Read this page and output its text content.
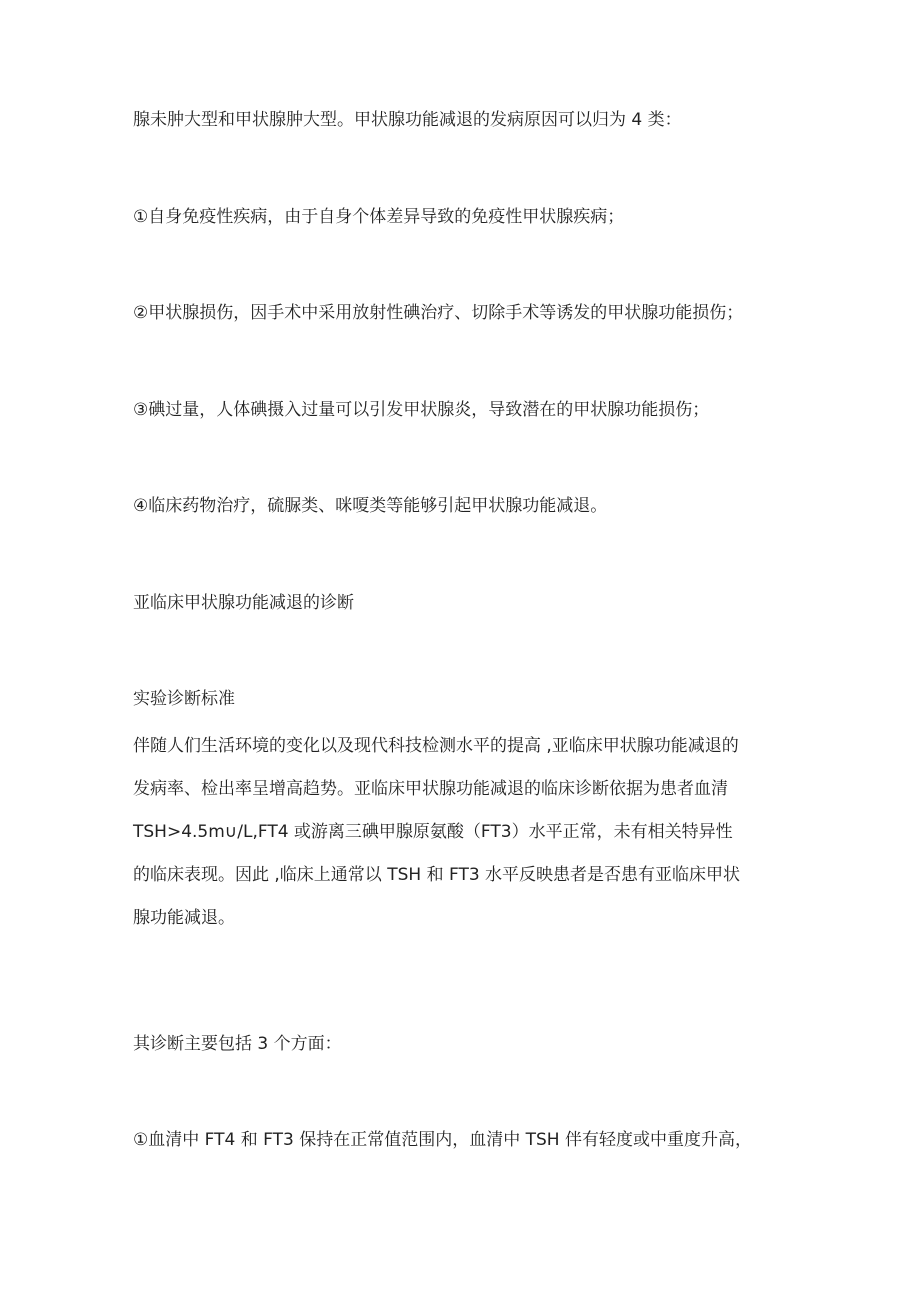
腺未肿大型和甲状腺肿大型。甲状腺功能减退的发病原因可以归为 4 类：

①自身免疫性疾病，由于自身个体差异导致的免疫性甲状腺疾病；

②甲状腺损伤，因手术中采用放射性碘治疗、切除手术等诱发的甲状腺功能损伤；

③碘过量，人体碘摄入过量可以引发甲状腺炎，导致潜在的甲状腺功能损伤；

④临床药物治疗，硫脲类、咪嗄类等能够引起甲状腺功能减退。

亚临床甲状腺功能减退的诊断

实验诊断标准

伴随人们生活环境的变化以及现代科技检测水平的提高 ,亚临床甲状腺功能减退的
发病率、检出率呈增高趋势。亚临床甲状腺功能减退的临床诊断依据为患者血清
TSH>4.5m∪/L,FT4 或游离三碘甲腺原氨酸（FT3）水平正常，未有相关特异性
的临床表现。因此 ,临床上通常以 TSH 和 FT3 水平反映患者是否患有亚临床甲状
腺功能减退。

其诊断主要包括 3 个方面：

①血清中 FT4 和 FT3 保持在正常值范围内，血清中 TSH 伴有轻度或中重度升高，
